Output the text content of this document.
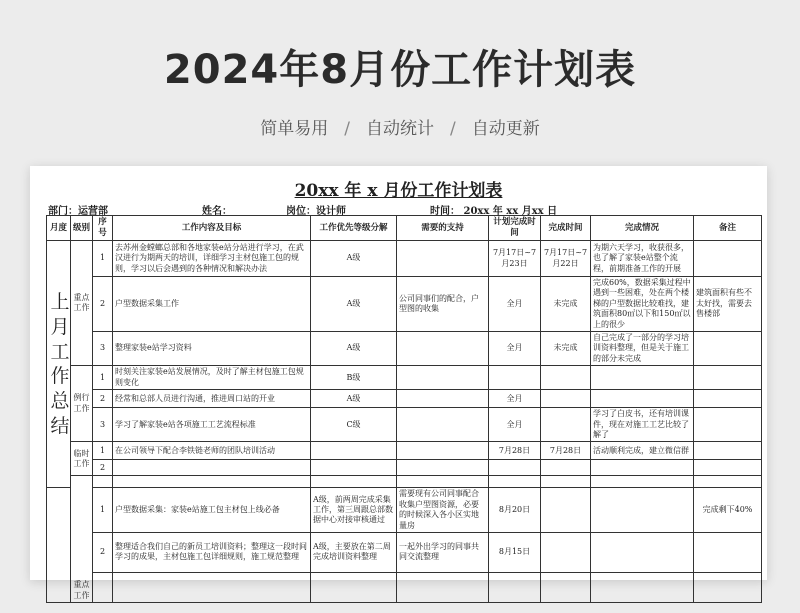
2024年8月份工作计划表
简单易用 / 自动统计 / 自动更新
20xx 年 x 月份工作计划表
部门：运营部	姓名：	岗位：设计师	时间： 20xx 年 xx 月xx 日
月度	级别	序号	工作内容及目标	工作优先等级分解	需要的支持	计划完成时间	完成时间	完成情况	备注

上月工作总结	重点工作	1	去苏州金螳螂总部和各地家装e站分站进行学习，在武汉进行为期两天的培训，详细学习主材包施工包的规则，学习以后会遇到的各种情况和解决办法	A级		7月17日~7月23日	7月17日~7月22日	为期六天学习，收获很多，也了解了家装e站整个流程，前期准备工作的开展	
		2	户型数据采集工作	A级	公司同事们的配合，户型图的收集	全月	未完成	完成60%，数据采集过程中遇到一些困难，处在两个楼梯的户型数据比较难找，建筑面积80㎡以下和150㎡以上的很少	建筑面积有些不太好找，需要去售楼部
		3	整理家装e站学习资料	A级		全月	未完成	自己完成了一部分的学习培训资料整理，但是关于施工的部分未完成	
	例行工作	1	时刻关注家装e站发展情况，及时了解主材包施工包规则变化	B级					
		2	经常和总部人员进行沟通，推进周口站的开业	A级		全月			
		3	学习了解家装e站各项施工工艺流程标准	C级		全月		学习了白皮书，还有培训课件，现在对施工工艺比较了解了	
	临时工作	1	在公司领导下配合李铁链老师的团队培训活动			7月28日	7月28日	活动顺利完成，建立微信群	
		2							
	重点工作								
		1	户型数据采集：家装e站施工包主材包上线必备	A级，前两周完成采集工作，第三周跟总部数据中心对接审核通过	需要现有公司同事配合收集户型图资源，必要的时候深入各小区实地量房	8月20日			完成剩下40%
		2	整理适合我们自己的新员工培训资料；整理这一段时间学习的成果，主材包施工包详细规则，施工规范整理	A级，主要放在第二周完成培训资料整理	一起外出学习的同事共同交流整理	8月15日			
